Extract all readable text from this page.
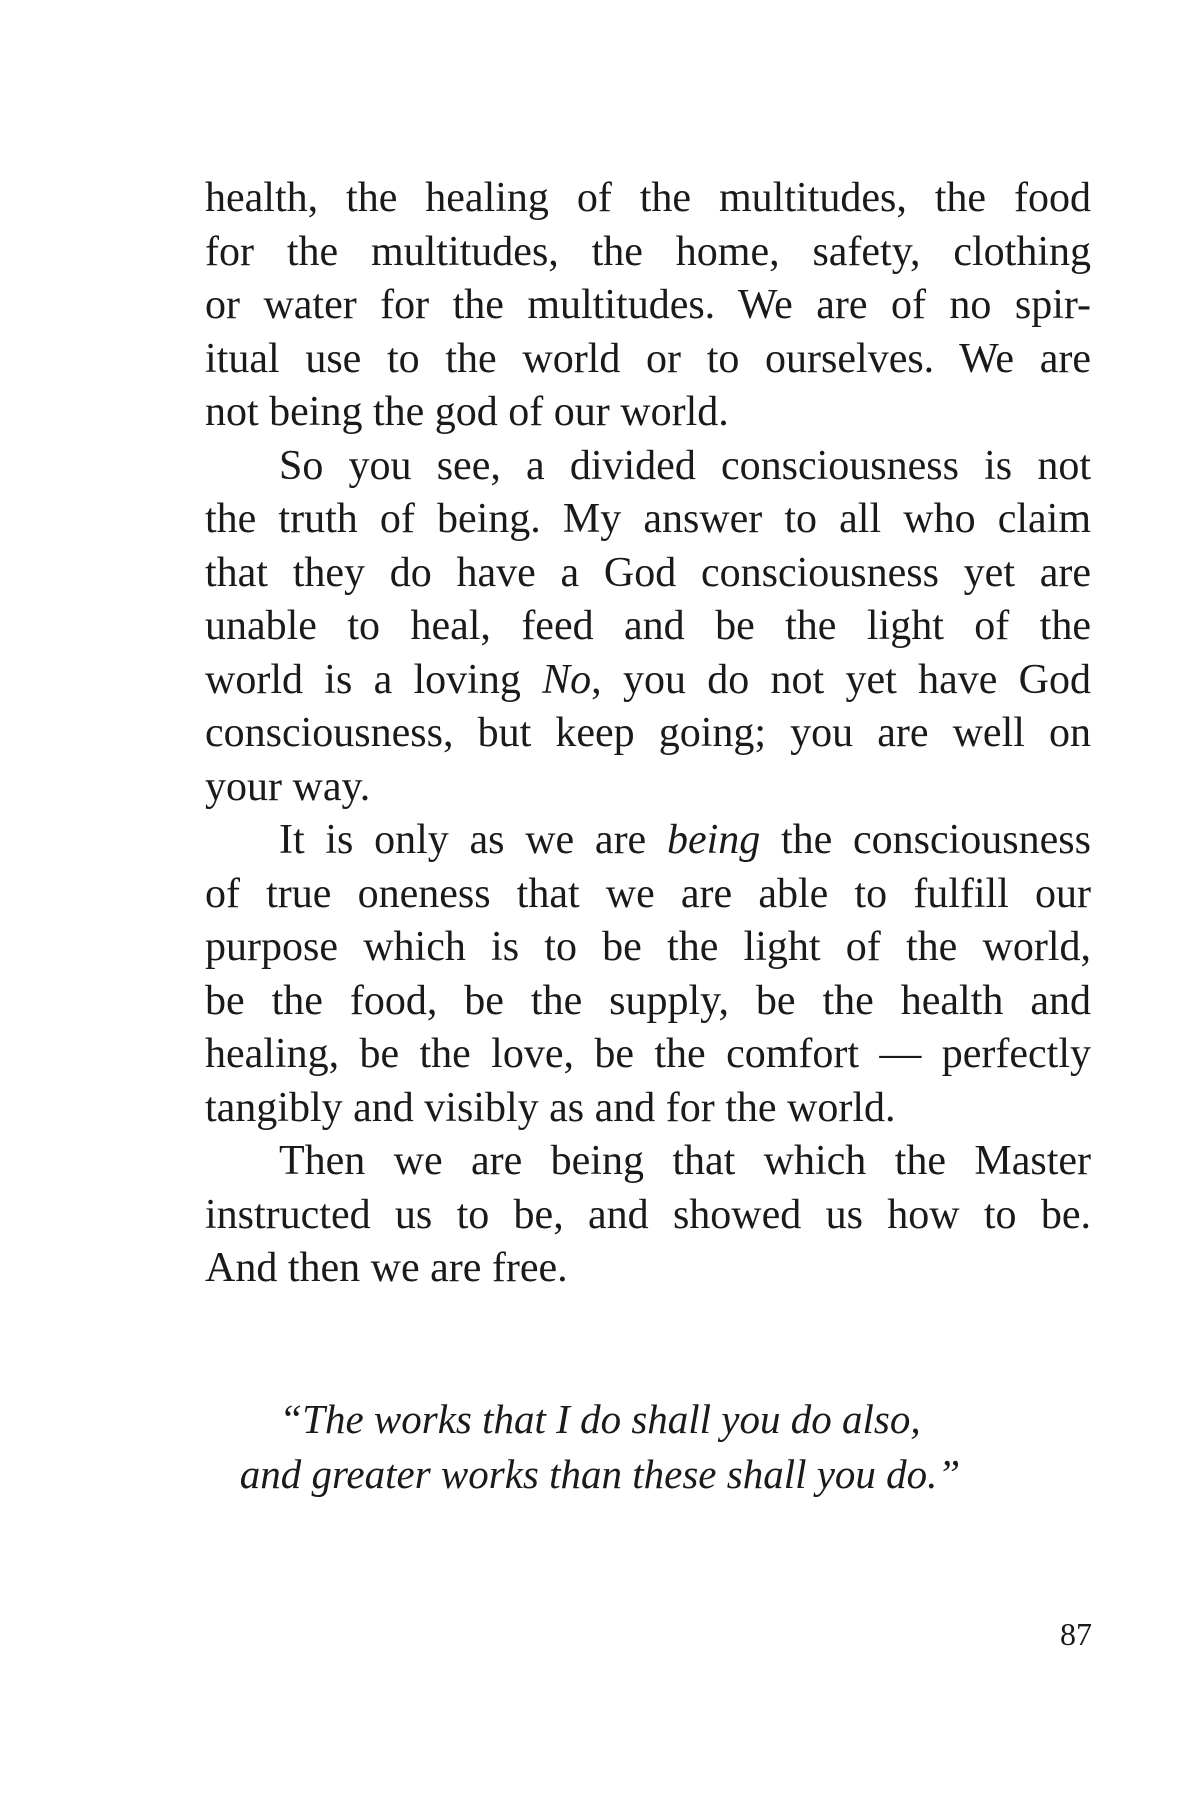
health, the healing of the multitudes, the food
for the multitudes, the home, safety, clothing
or water for the multitudes. We are of no spir-
itual use to the world or to ourselves. We are
not being the god of our world.
So you see, a divided consciousness is not
the truth of being. My answer to all who claim
that they do have a God consciousness yet are
unable to heal, feed and be the light of the
world is a loving No, you do not yet have God
consciousness, but keep going; you are well on
your way.
It is only as we are being the consciousness
of true oneness that we are able to fulfill our
purpose which is to be the light of the world,
be the food, be the supply, be the health and
healing, be the love, be the comfort — perfectly
tangibly and visibly as and for the world.
Then we are being that which the Master
instructed us to be, and showed us how to be.
And then we are free.
“The works that I do shall you do also,
and greater works than these shall you do.”
87
